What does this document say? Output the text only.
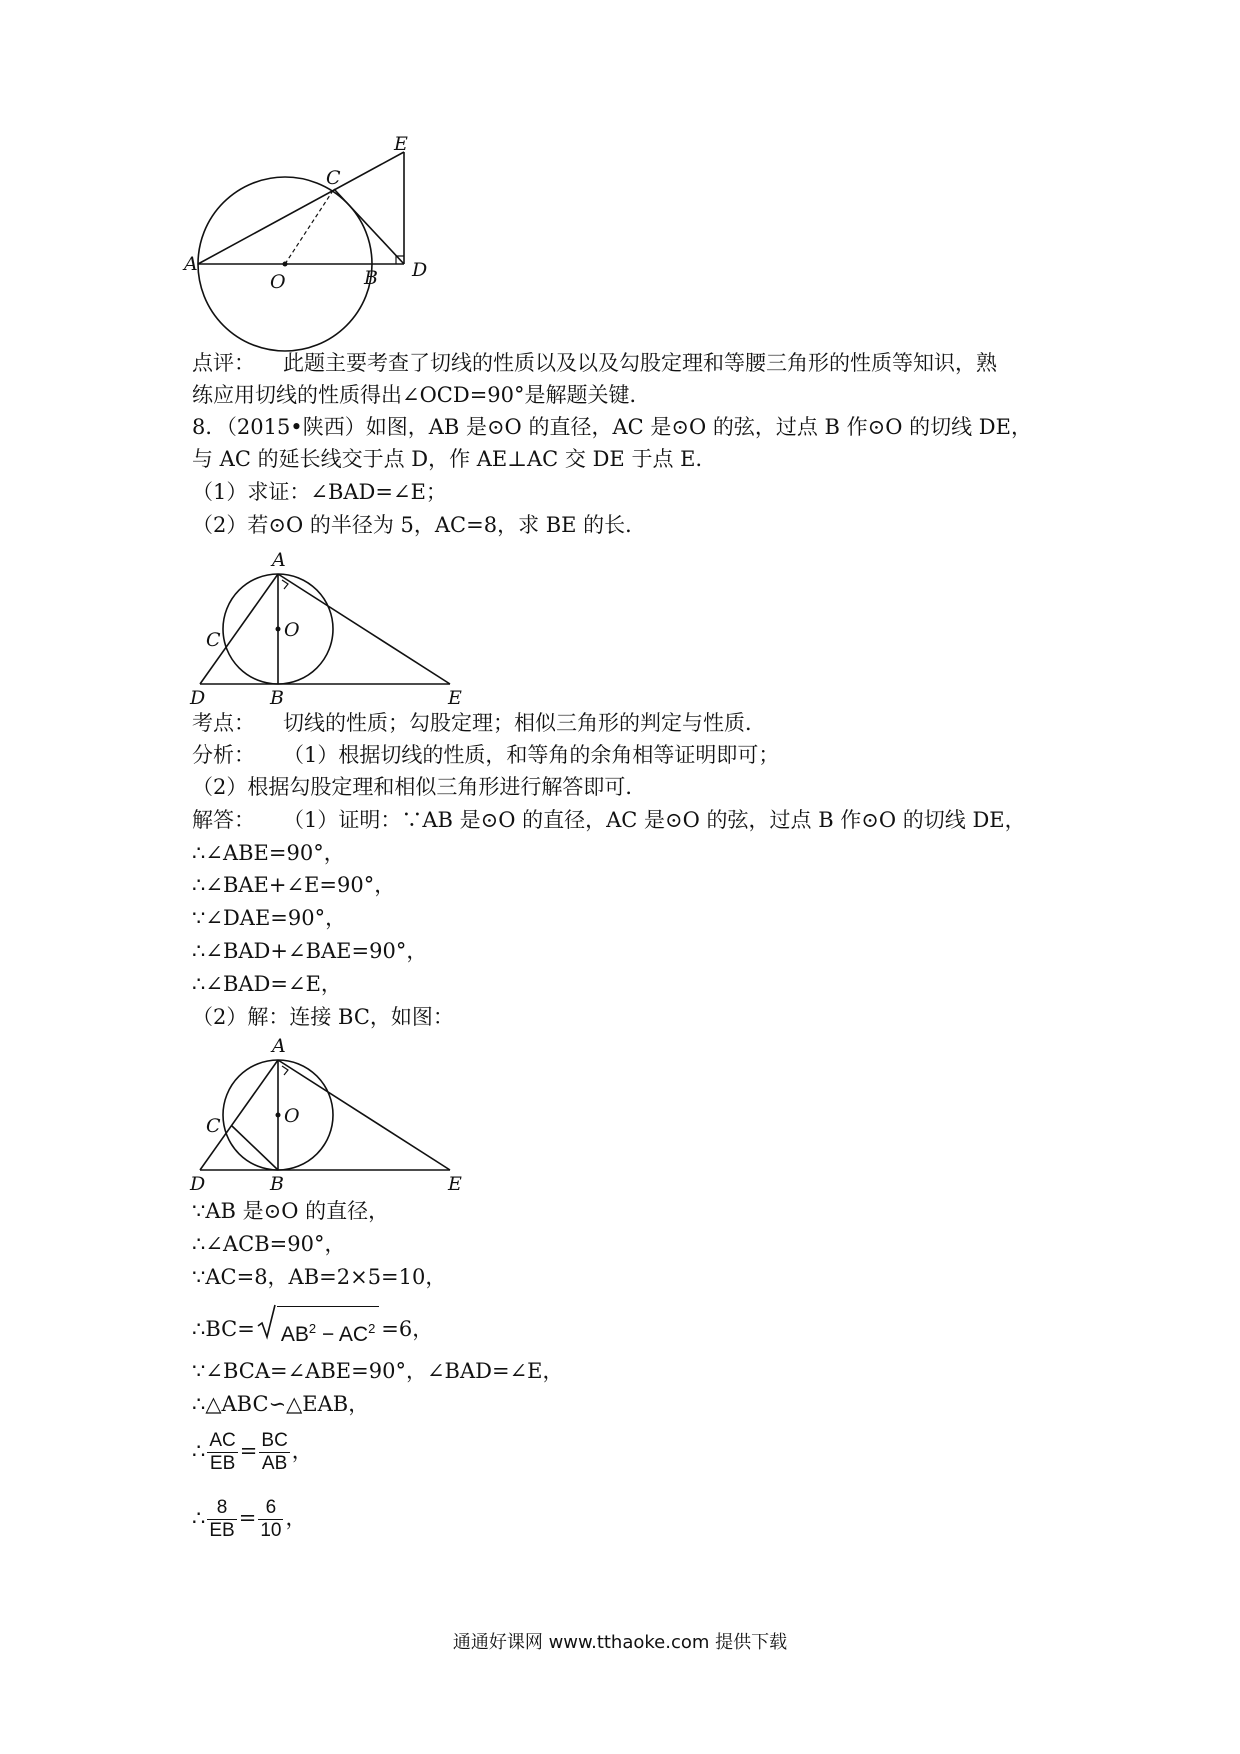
A
C
O	B D
E
点评： 此题主要考查了切线的性质以及以及勾股定理和等腰三角形的性质等知识，熟
练应用切线的性质得出∠OCD=90°是解题关键．
8．（2015•陕西）如图，AB 是⊙O 的直径，AC 是⊙O 的弦，过点 B 作⊙O 的切线 DE，
与 AC 的延长线交于点 D，作 AE⊥AC 交 DE 于点 E．
（1）求证：∠BAD=∠E；
（2）若⊙O 的半径为 5，AC=8，求 BE 的长．
A
C	O
B
D	E
考点： 切线的性质；勾股定理；相似三角形的判定与性质．
分析： （1）根据切线的性质，和等角的余角相等证明即可；
（2）根据勾股定理和相似三角形进行解答即可．
解答： （1）证明：∵AB 是⊙O 的直径，AC 是⊙O 的弦，过点 B 作⊙O 的切线 DE，
∴∠ABE=90°，
∴∠BAE+∠E=90°，
∵∠DAE=90°，
∴∠BAD+∠BAE=90°，
∴∠BAD=∠E，
（2）解：连接 BC，如图：
A
C	O
B
D	E
∵AB 是⊙O 的直径，
∴∠ACB=90°，
∵AC=8，AB=2×5=10，
∴BC= $AB^2 - AC^2 =6$，
∵∠BCA=∠ABE=90°，∠BAD=∠E，
∴△ABC∽△EAB，
∴ $\frac{AC}{EB} = \frac{BC}{AB}$ ，
∴ $\frac{8}{EB} = \frac{6}{10}$ ，
通通好课网 www.tthaoke.com 提供下载
